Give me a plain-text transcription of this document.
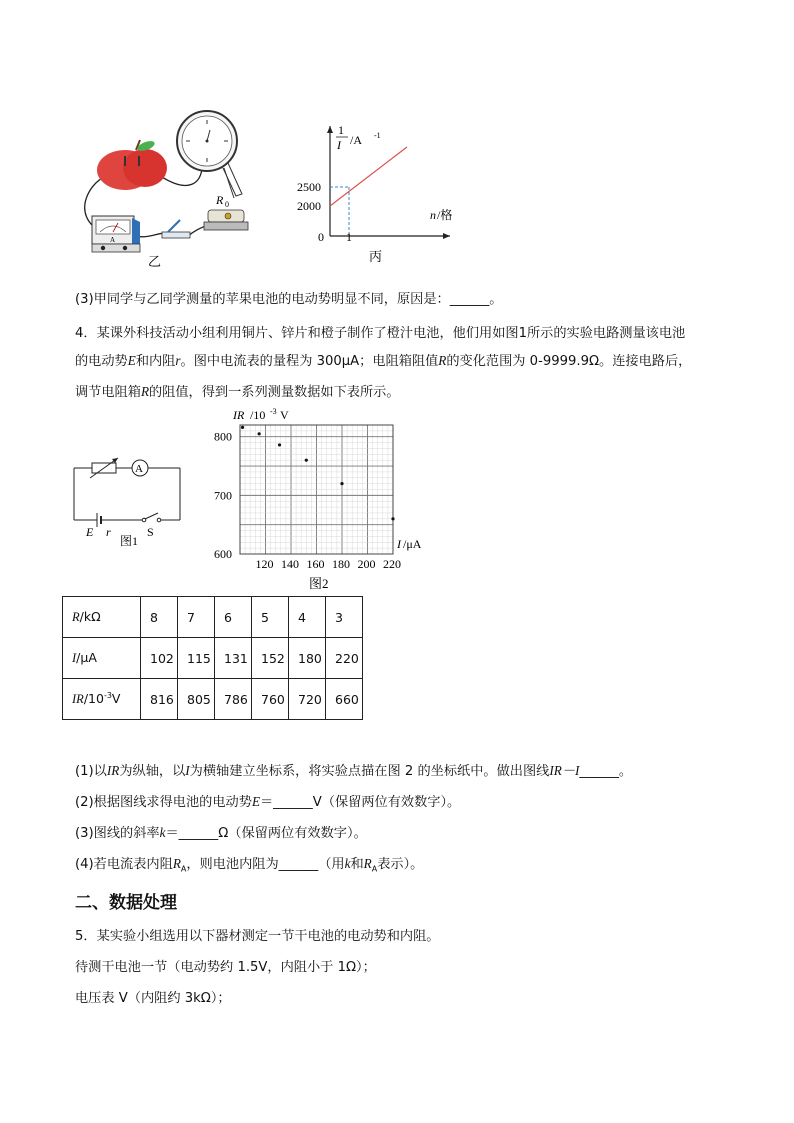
A
R 0
乙
1
I /A -1
n /格
2500
2000
0 1
丙
(3)甲同学与乙同学测量的苹果电池的电动势明显不同，原因是：______。
4．某课外科技活动小组利用铜片、锌片和橙子制作了橙汁电池，他们用如图1所示的实验电路测量该电池
的电动势E和内阻r。图中电流表的量程为 300μA；电阻箱阻值R的变化范围为 0-9999.9Ω。连接电路后，
调节电阻箱R的阻值，得到一系列测量数据如下表所示。
A
E r	S
图1
800
700
600
120 140 160 180 200 220
IR /10 -3 V
I /μA
图2
R/kΩ	8	7	6	5	4	3
I/μA	102	115	131	152	180	220
$IR/10^{-3}V$	816	805	786	760	720	660
(1)以IR为纵轴，以I为横轴建立坐标系，将实验点描在图 2 的坐标纸中。做出图线IR－I______。
(2)根据图线求得电池的电动势E＝______V（保留两位有效数字）。
(3)图线的斜率k＝______Ω（保留两位有效数字）。
(4)若电流表内阻$R_A$，则电池内阻为______（用k和$R_A$表示）。
二、数据处理
5．某实验小组选用以下器材测定一节干电池的电动势和内阻。
待测干电池一节（电动势约 1.5V，内阻小于 1Ω）；
电压表 V（内阻约 3kΩ）；
